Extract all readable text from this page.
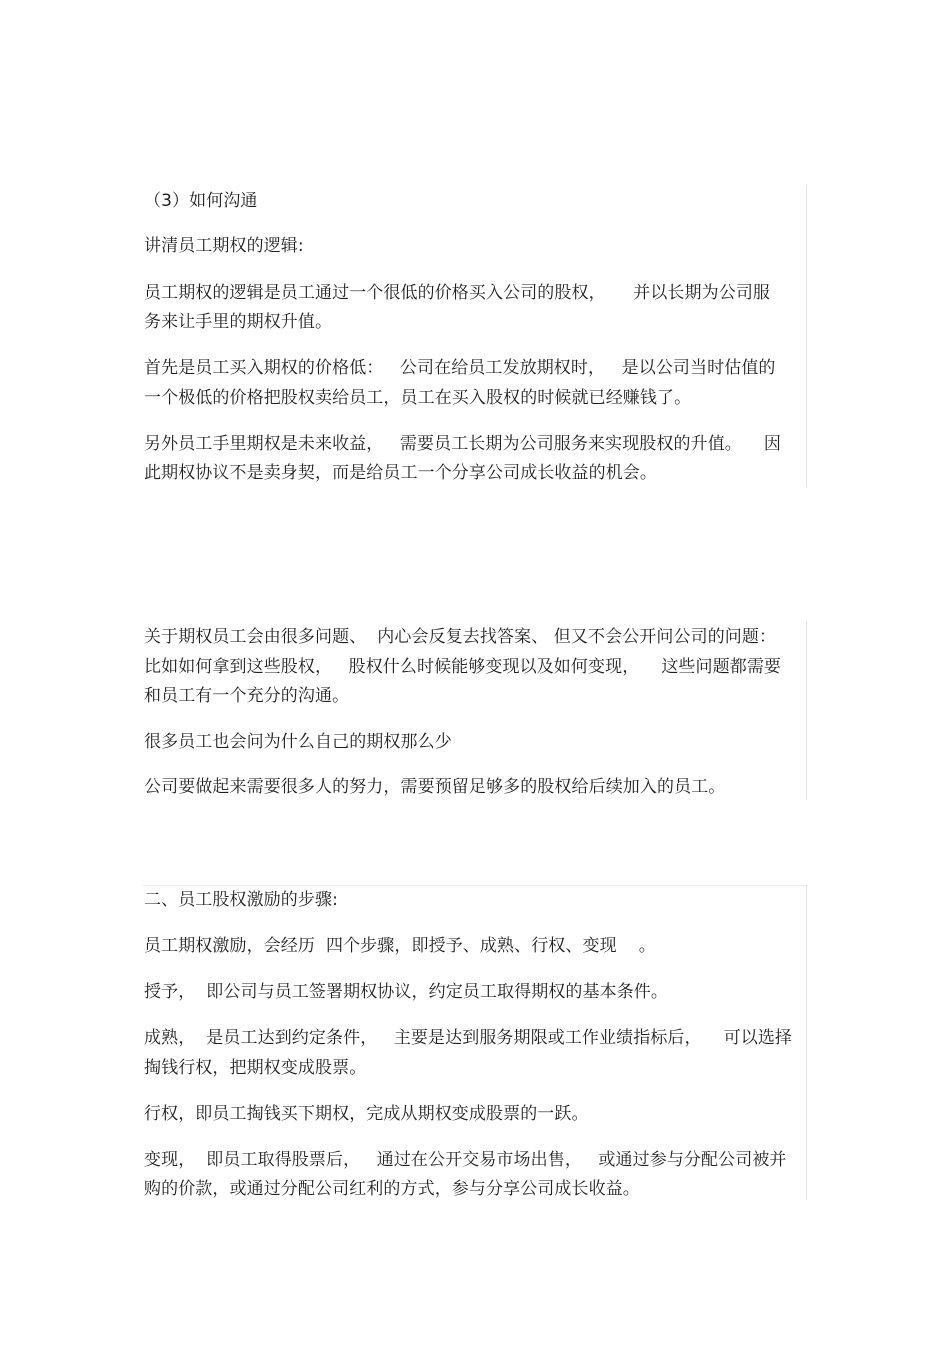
（3）如何沟通
讲清员工期权的逻辑:
员工期权的逻辑是员工通过一个很低的价格买入公司的股权，     并以长期为公司服
务来让手里的期权升值。
首先是员工买入期权的价格低：   公司在给员工发放期权时，   是以公司当时估值的
一个极低的价格把股权卖给员工，员工在买入股权的时候就已经赚钱了。
另外员工手里期权是未来收益，   需要员工长期为公司服务来实现股权的升值。    因
此期权协议不是卖身契，而是给员工一个分享公司成长收益的机会。
关于期权员工会由很多问题、  内心会反复去找答案、 但又不会公开问公司的问题：
比如如何拿到这些股权，   股权什么时候能够变现以及如何变现，    这些问题都需要
和员工有一个充分的沟通。
很多员工也会问为什么自己的期权那么少
公司要做起来需要很多人的努力，需要预留足够多的股权给后续加入的员工。
二、员工股权激励的步骤:
员工期权激励，会经历  四个步骤，即授予、成熟、行权、变现    。
授予，  即公司与员工签署期权协议，约定员工取得期权的基本条件。
成熟，  是员工达到约定条件，   主要是达到服务期限或工作业绩指标后，    可以选择
掏钱行权，把期权变成股票。
行权，即员工掏钱买下期权，完成从期权变成股票的一跃。
变现，  即员工取得股票后，   通过在公开交易市场出售，   或通过参与分配公司被并
购的价款，或通过分配公司红利的方式，参与分享公司成长收益。
